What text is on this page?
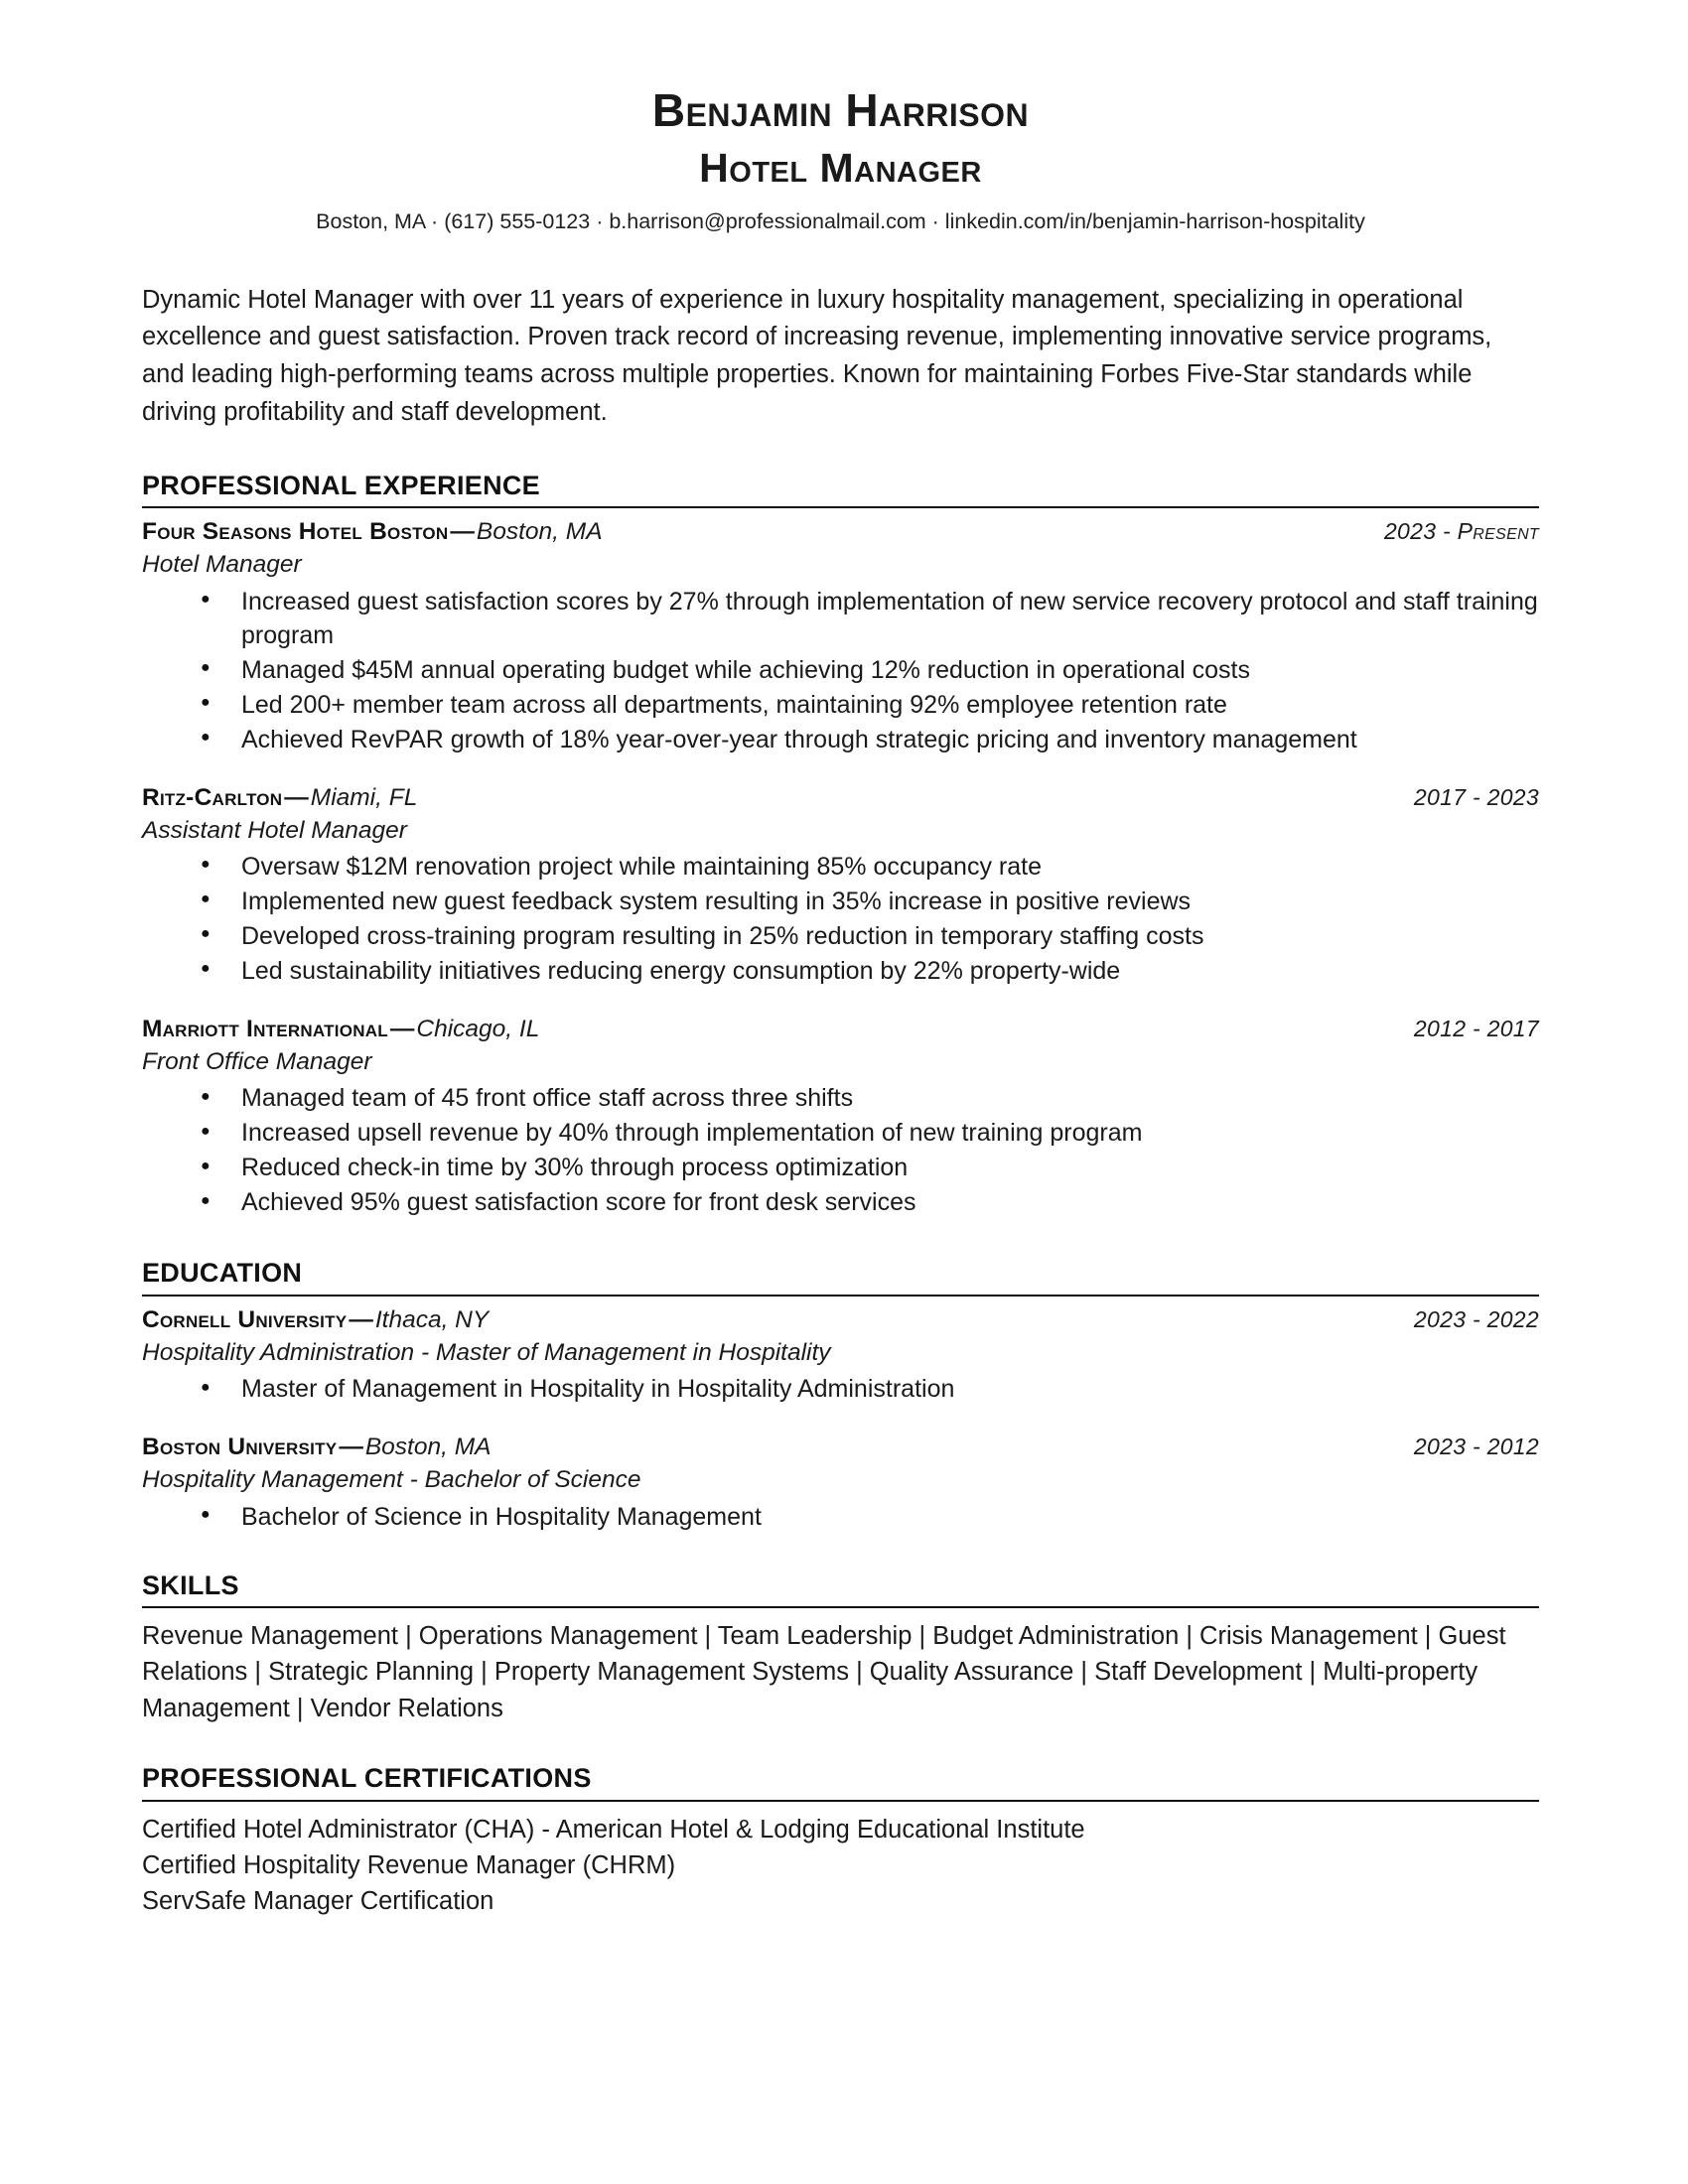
Benjamin Harrison
Hotel Manager
Boston, MA · (617) 555-0123 · b.harrison@professionalmail.com · linkedin.com/in/benjamin-harrison-hospitality

Dynamic Hotel Manager with over 11 years of experience in luxury hospitality management, specializing in operational excellence and guest satisfaction. Proven track record of increasing revenue, implementing innovative service programs, and leading high-performing teams across multiple properties. Known for maintaining Forbes Five-Star standards while driving profitability and staff development.

PROFESSIONAL EXPERIENCE
Four Seasons Hotel Boston — Boston, MA	2023 - Present
Hotel Manager
● Increased guest satisfaction scores by 27% through implementation of new service recovery protocol and staff training program
● Managed $45M annual operating budget while achieving 12% reduction in operational costs
● Led 200+ member team across all departments, maintaining 92% employee retention rate
● Achieved RevPAR growth of 18% year-over-year through strategic pricing and inventory management
Ritz-Carlton — Miami, FL	2017 - 2023
Assistant Hotel Manager
● Oversaw $12M renovation project while maintaining 85% occupancy rate
● Implemented new guest feedback system resulting in 35% increase in positive reviews
● Developed cross-training program resulting in 25% reduction in temporary staffing costs
● Led sustainability initiatives reducing energy consumption by 22% property-wide
Marriott International — Chicago, IL	2012 - 2017
Front Office Manager
● Managed team of 45 front office staff across three shifts
● Increased upsell revenue by 40% through implementation of new training program
● Reduced check-in time by 30% through process optimization
● Achieved 95% guest satisfaction score for front desk services
EDUCATION
Cornell University — Ithaca, NY	2023 - 2022
Hospitality Administration - Master of Management in Hospitality
● Master of Management in Hospitality in Hospitality Administration
Boston University — Boston, MA	2023 - 2012
Hospitality Management - Bachelor of Science
● Bachelor of Science in Hospitality Management
SKILLS

Revenue Management | Operations Management | Team Leadership | Budget Administration | Crisis Management | Guest Relations | Strategic Planning | Property Management Systems | Quality Assurance | Staff Development | Multi-property Management | Vendor Relations

PROFESSIONAL CERTIFICATIONS
Certified Hotel Administrator (CHA) - American Hotel & Lodging Educational Institute
Certified Hospitality Revenue Manager (CHRM)
ServSafe Manager Certification
